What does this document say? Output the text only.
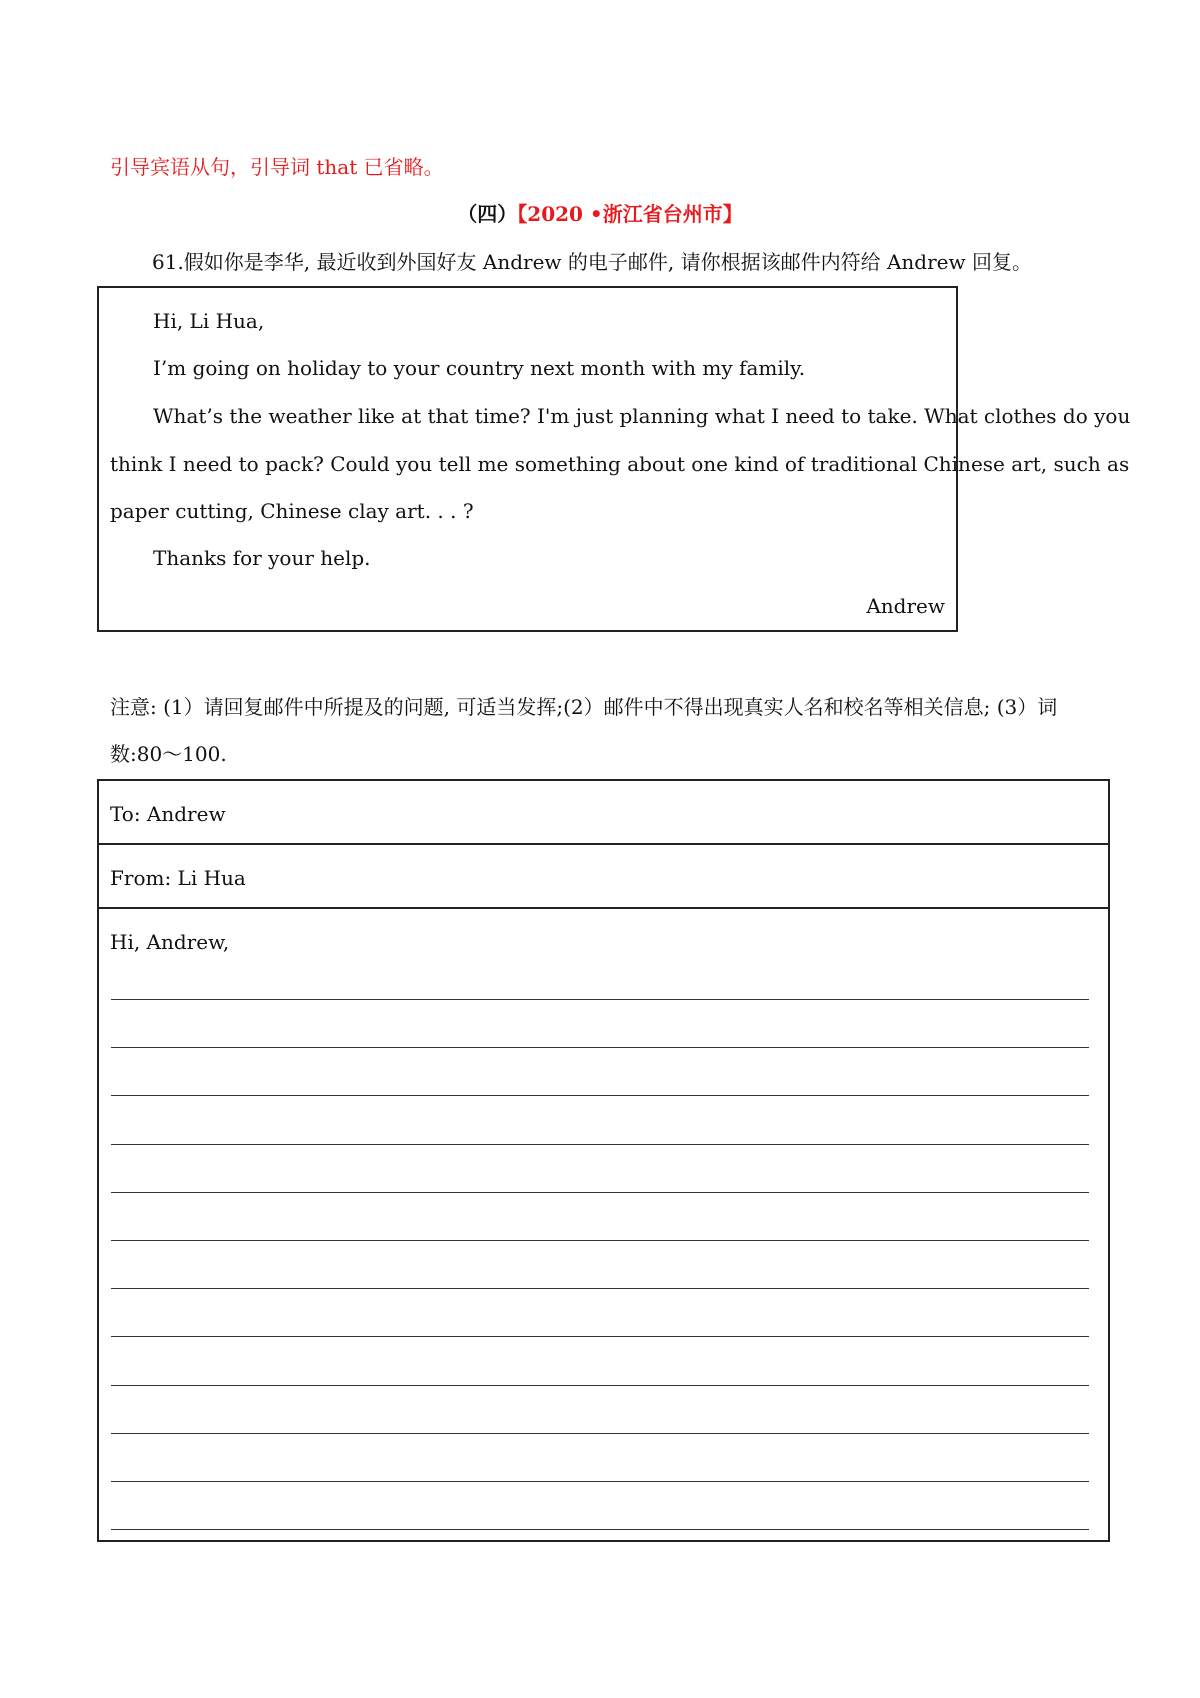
引导宾语从句，引导词 that 已省略。
（四）【2020 •浙江省台州市】
61.假如你是李华, 最近收到外国好友 Andrew 的电子邮件, 请你根据该邮件内符给 Andrew 回复。
Hi, Li Hua,
I’m going on holiday to your country next month with my family.
What’s the weather like at that time? I'm just planning what I need to take. What clothes do you
think I need to pack? Could you tell me something about one kind of traditional Chinese art, such as
paper cutting, Chinese clay art. . . ?
Thanks for your help.
Andrew
注意: (1）请回复邮件中所提及的问题, 可适当发挥;(2）邮件中不得出现真实人名和校名等相关信息; (3）词
数:80～100.
To: Andrew
From: Li Hua
Hi, Andrew,
